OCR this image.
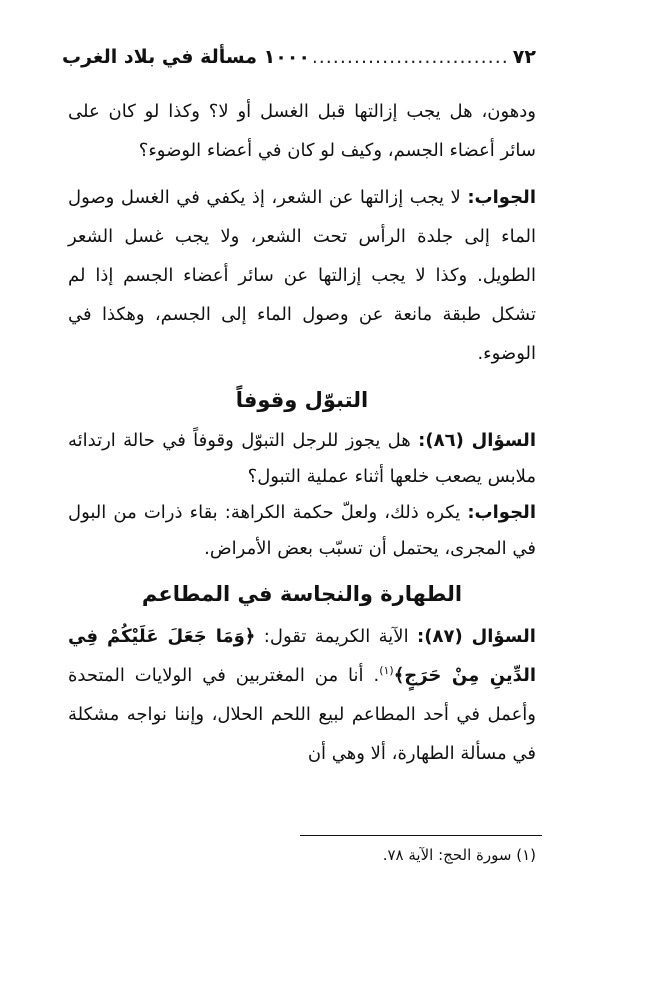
٧٢
.....
١٠٠٠ مسألة في بلاد الغرب

ودهون، هل يجب إزالتها قبل الغسل أو لا؟ وكذا لو كان على سائر أعضاء الجسم، وكيف لو كان في أعضاء الوضوء؟

الجواب: لا يجب إزالتها عن الشعر، إذ يكفي في الغسل وصول الماء إلى جلدة الرأس تحت الشعر، ولا يجب غسل الشعر الطويل. وكذا لا يجب إزالتها عن سائر أعضاء الجسم إذا لم تشكل طبقة مانعة عن وصول الماء إلى الجسم، وهكذا في الوضوء.

التبوّل وقوفاً

السؤال (٨٦): هل يجوز للرجل التبوّل وقوفاً في حالة ارتدائه ملابس يصعب خلعها أثناء عملية التبول؟

الجواب: يكره ذلك، ولعلّ حكمة الكراهة: بقاء ذرات من البول في المجرى، يحتمل أن تسبّب بعض الأمراض.

الطهارة والنجاسة في المطاعم

السؤال (٨٧): الآية الكريمة تقول: ﴿وَمَا جَعَلَ عَلَيْكُمْ فِي الدِّينِ مِنْ حَرَجٍ﴾$^{(١)}$. أنا من المغتربين في الولايات المتحدة وأعمل في أحد المطاعم لبيع اللحم الحلال، وإننا نواجه مشكلة في مسألة الطهارة، ألا وهي أن

(١) سورة الحج: الآية ٧٨.
